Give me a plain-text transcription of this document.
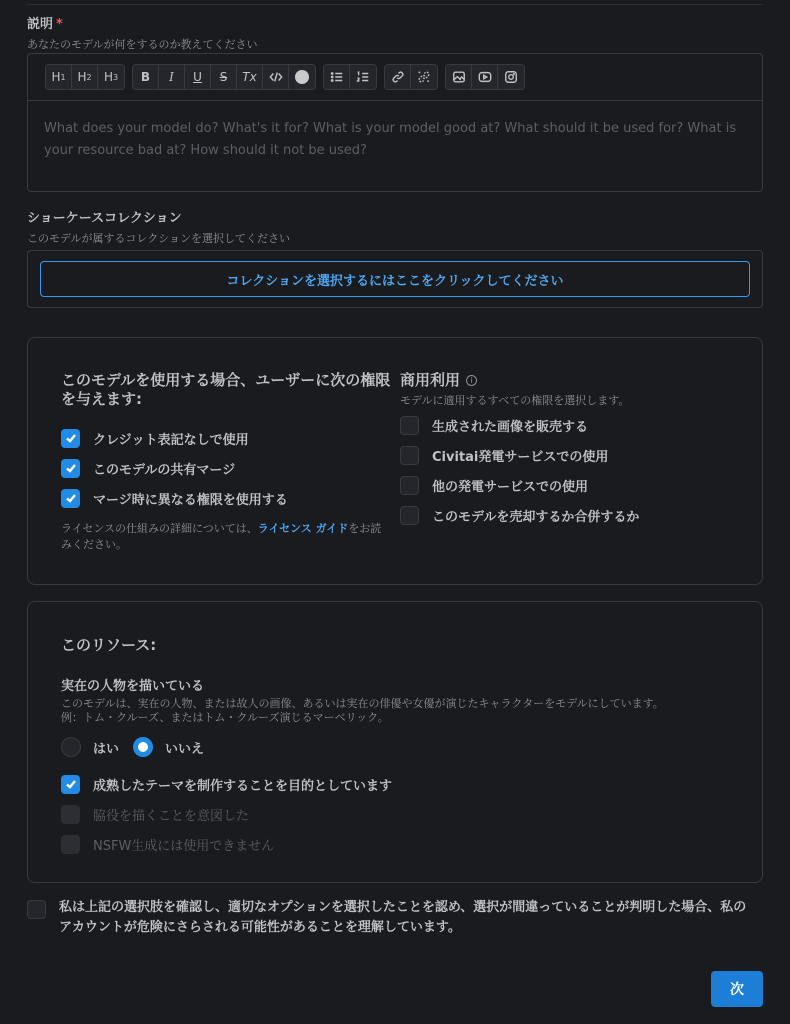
説明 *
あなたのモデルが何をするのか教えてください
H 1 H 2 H 3 B I U S Tx
What does your model do? What's it for? What is your model good at? What should it be used for? What is your resource bad at? How should it not be used?
ショーケースコレクション
このモデルが属するコレクションを選択してください
コレクションを選択するにはここをクリックしてください
このモデルを使用する場合、ユーザーに次の権限を与えます:
クレジット表記なしで使用
このモデルの共有マージ
マージ時に異なる権限を使用する
ライセンスの仕組みの詳細については、ライセンス ガイドをお読みください。
商用利用 i
モデルに適用するすべての権限を選択します。
生成された画像を販売する
Civitai発電サービスでの使用
他の発電サービスでの使用
このモデルを売却するか合併するか
このリソース:
実在の人物を描いている
このモデルは、実在の人物、または故人の画像、あるいは実在の俳優や女優が演じたキャラクターをモデルにしています。
例：トム・クルーズ、またはトム・クルーズ演じるマーベリック。
はい	いいえ
成熟したテーマを制作することを目的としています
脇役を描くことを意図した
NSFW生成には使用できません
私は上記の選択肢を確認し、適切なオプションを選択したことを認め、選択が間違っていることが判明した場合、私のアカウントが危険にさらされる可能性があることを理解しています。
次
